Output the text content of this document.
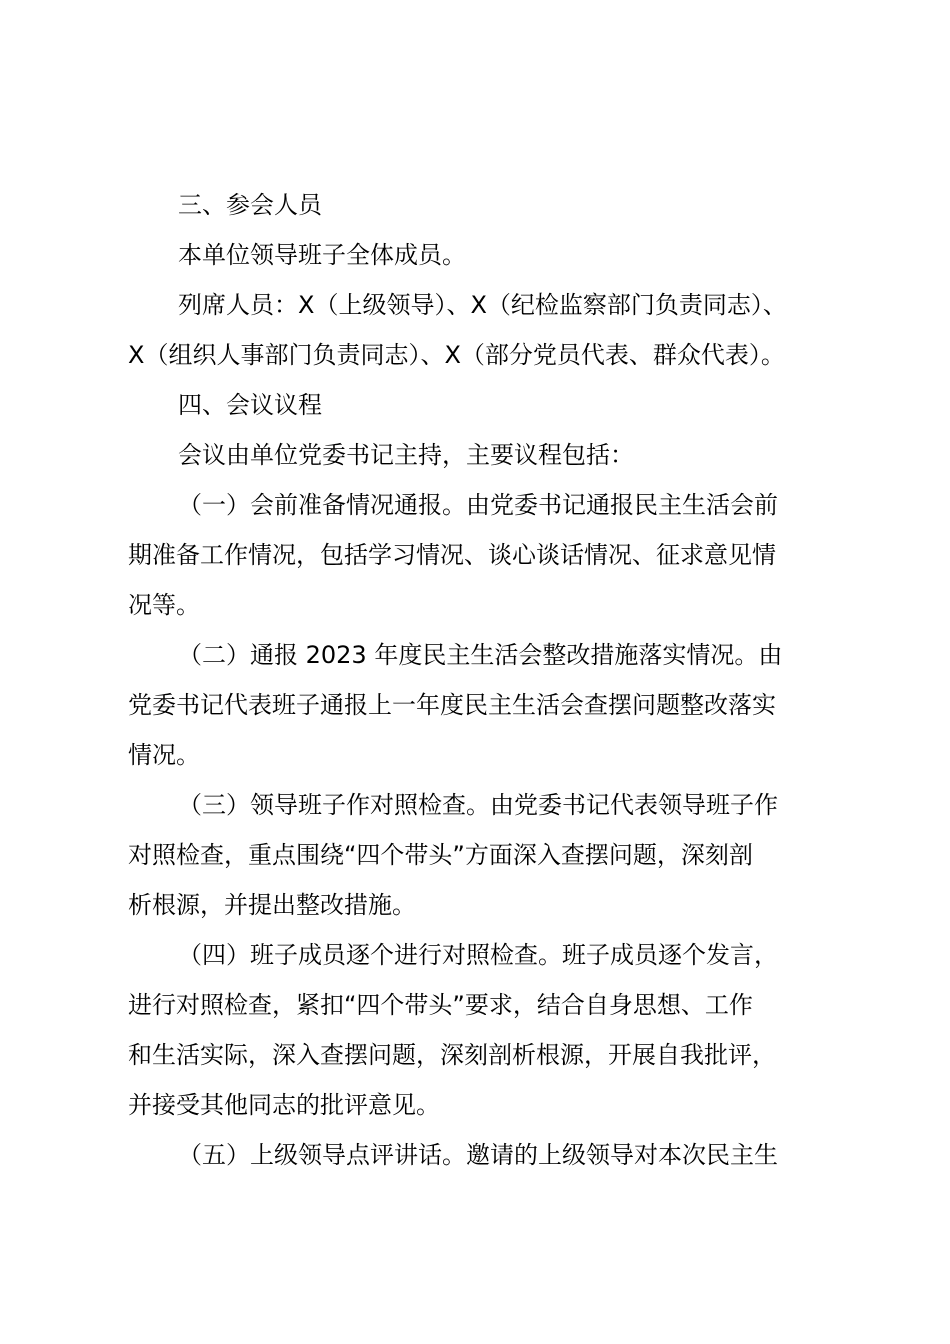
三、参会人员
本单位领导班子全体成员。
列席人员：X（上级领导）、X（纪检监察部门负责同志）、
X（组织人事部门负责同志）、X（部分党员代表、群众代表）。
四、会议议程
会议由单位党委书记主持，主要议程包括：
（一）会前准备情况通报。由党委书记通报民主生活会前
期准备工作情况，包括学习情况、谈心谈话情况、征求意见情
况等。
（二）通报 2023 年度民主生活会整改措施落实情况。由
党委书记代表班子通报上一年度民主生活会查摆问题整改落实
情况。
（三）领导班子作对照检查。由党委书记代表领导班子作
对照检查，重点围绕“四个带头”方面深入查摆问题，深刻剖
析根源，并提出整改措施。
（四）班子成员逐个进行对照检查。班子成员逐个发言，
进行对照检查，紧扣“四个带头”要求，结合自身思想、工作
和生活实际，深入查摆问题，深刻剖析根源，开展自我批评，
并接受其他同志的批评意见。
（五）上级领导点评讲话。邀请的上级领导对本次民主生
